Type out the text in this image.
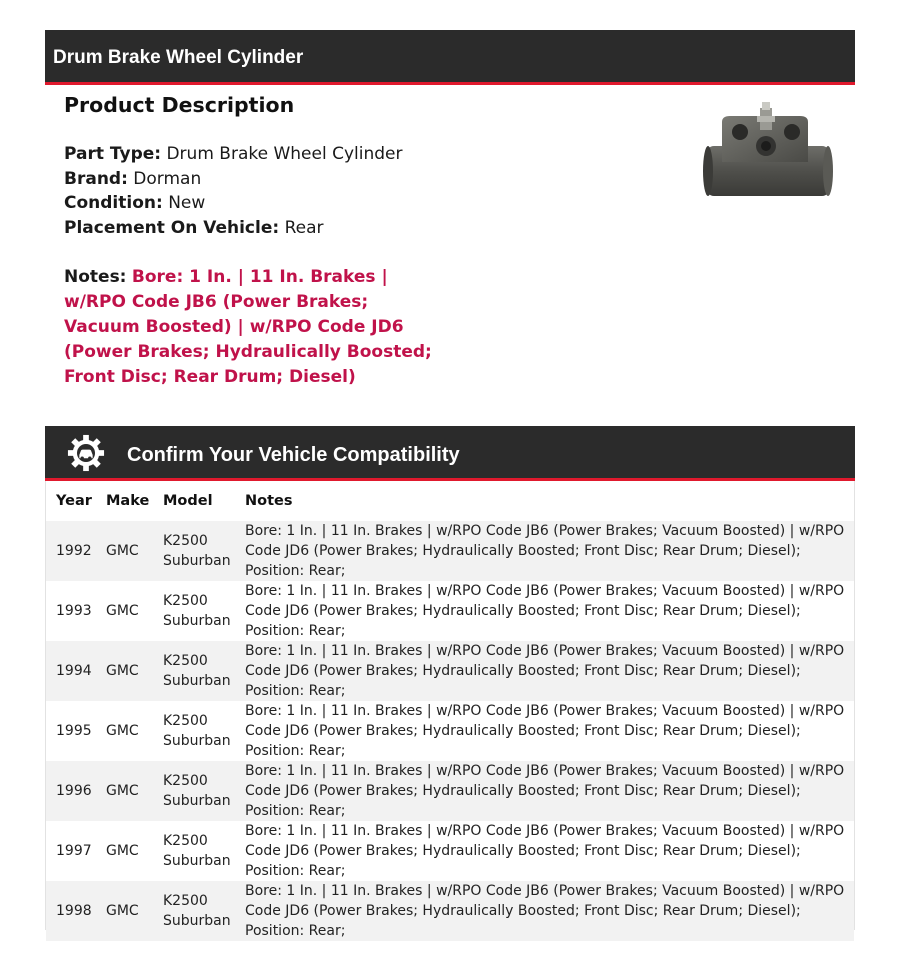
Drum Brake Wheel Cylinder
Product Description
Part Type: Drum Brake Wheel Cylinder
Brand: Dorman
Condition: New
Placement On Vehicle: Rear
Notes: Bore: 1 In. | 11 In. Brakes | w/RPO Code JB6 (Power Brakes; Vacuum Boosted) | w/RPO Code JD6 (Power Brakes; Hydraulically Boosted; Front Disc; Rear Drum; Diesel)
Confirm Your Vehicle Compatibility
Year	Make	Model	Notes
1992	GMC	K2500 Suburban	Bore: 1 In. | 11 In. Brakes | w/RPO Code JB6 (Power Brakes; Vacuum Boosted) | w/RPO Code JD6 (Power Brakes; Hydraulically Boosted; Front Disc; Rear Drum; Diesel); Position: Rear;
1993	GMC	K2500 Suburban	Bore: 1 In. | 11 In. Brakes | w/RPO Code JB6 (Power Brakes; Vacuum Boosted) | w/RPO Code JD6 (Power Brakes; Hydraulically Boosted; Front Disc; Rear Drum; Diesel); Position: Rear;
1994	GMC	K2500 Suburban	Bore: 1 In. | 11 In. Brakes | w/RPO Code JB6 (Power Brakes; Vacuum Boosted) | w/RPO Code JD6 (Power Brakes; Hydraulically Boosted; Front Disc; Rear Drum; Diesel); Position: Rear;
1995	GMC	K2500 Suburban	Bore: 1 In. | 11 In. Brakes | w/RPO Code JB6 (Power Brakes; Vacuum Boosted) | w/RPO Code JD6 (Power Brakes; Hydraulically Boosted; Front Disc; Rear Drum; Diesel); Position: Rear;
1996	GMC	K2500 Suburban	Bore: 1 In. | 11 In. Brakes | w/RPO Code JB6 (Power Brakes; Vacuum Boosted) | w/RPO Code JD6 (Power Brakes; Hydraulically Boosted; Front Disc; Rear Drum; Diesel); Position: Rear;
1997	GMC	K2500 Suburban	Bore: 1 In. | 11 In. Brakes | w/RPO Code JB6 (Power Brakes; Vacuum Boosted) | w/RPO Code JD6 (Power Brakes; Hydraulically Boosted; Front Disc; Rear Drum; Diesel); Position: Rear;
1998	GMC	K2500 Suburban	Bore: 1 In. | 11 In. Brakes | w/RPO Code JB6 (Power Brakes; Vacuum Boosted) | w/RPO Code JD6 (Power Brakes; Hydraulically Boosted; Front Disc; Rear Drum; Diesel); Position: Rear;
